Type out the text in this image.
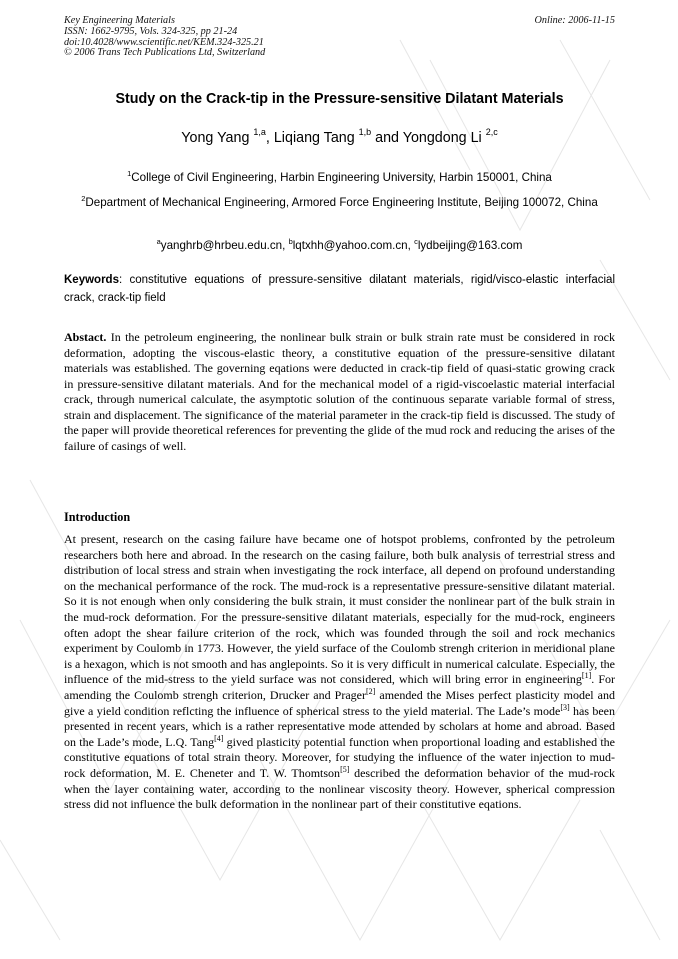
Key Engineering Materials
ISSN: 1662-9795, Vols. 324-325, pp 21-24
doi:10.4028/www.scientific.net/KEM.324-325.21
© 2006 Trans Tech Publications Ltd, Switzerland
Online: 2006-11-15
Study on the Crack-tip in the Pressure-sensitive Dilatant Materials
Yong Yang $^{1,a}$, Liqiang Tang $^{1,b}$ and Yongdong Li $^{2,c}$
$^1$College of Civil Engineering, Harbin Engineering University, Harbin 150001, China
$^2$Department of Mechanical Engineering, Armored Force Engineering Institute, Beijing 100072, China
$^a$yanghrb@hrbeu.edu.cn, $^b$lqtxhh@yahoo.com.cn, $^c$lydbeijing@163.com
Keywords: constitutive equations of pressure-sensitive dilatant materials, rigid/visco-elastic interfacial crack, crack-tip field
Abstact. In the petroleum engineering, the nonlinear bulk strain or bulk strain rate must be considered in rock deformation, adopting the viscous-elastic theory, a constitutive equation of the pressure-sensitive dilatant materials was established. The governing eqations were deducted in crack-tip field of quasi-static growing crack in pressure-sensitive dilatant materials. And for the mechanical model of a rigid-viscoelastic material interfacial crack, through numerical calculate, the asymptotic solution of the continuous separate variable formal of stress, strain and displacement. The significance of the material parameter in the crack-tip field is discussed. The study of the paper will provide theoretical references for preventing the glide of the mud rock and reducing the arises of the failure of casings of well.
Introduction
At present, research on the casing failure have became one of hotspot problems, confronted by the petroleum researchers both here and abroad. In the research on the casing failure, both bulk analysis of terrestrial stress and distribution of local stress and strain when investigating the rock interface, all depend on profound understanding on the mechanical performance of the rock. The mud-rock is a representative pressure-sensitive dilatant material. So it is not enough when only considering the bulk strain, it must consider the nonlinear part of the bulk strain in the mud-rock deformation. For the pressure-sensitive dilatant materials, especially for the mud-rock, engineers often adopt the shear failure criterion of the rock, which was founded through the soil and rock mechanics experiment by Coulomb in 1773. However, the yield surface of the Coulomb strengh criterion in meridional plane is a hexagon, which is not smooth and has anglepoints. So it is very difficult in numerical calculate. Especially, the influence of the mid-stress to the yield surface was not considered, which will bring error in engineering[1]. For amending the Coulomb strengh criterion, Drucker and Prager[2] amended the Mises perfect plasticity model and give a yield condition reflcting the influence of spherical stress to the yield material. The Lade’s mode[3] has been presented in recent years, which is a rather representative mode attended by scholars at home and abroad. Based on the Lade’s mode, L.Q. Tang[4] gived plasticity potential function when proportional loading and established the constitutive equations of total strain theory. Moreover, for studying the influence of the water injection to mud-rock deformation, M. E. Cheneter and T. W. Thomtson[5] described the deformation behavior of the mud-rock when the layer containing water, according to the nonlinear viscosity theory. However, spherical compression stress did not influence the bulk deformation in the nonlinear part of their constitutive eqations.
